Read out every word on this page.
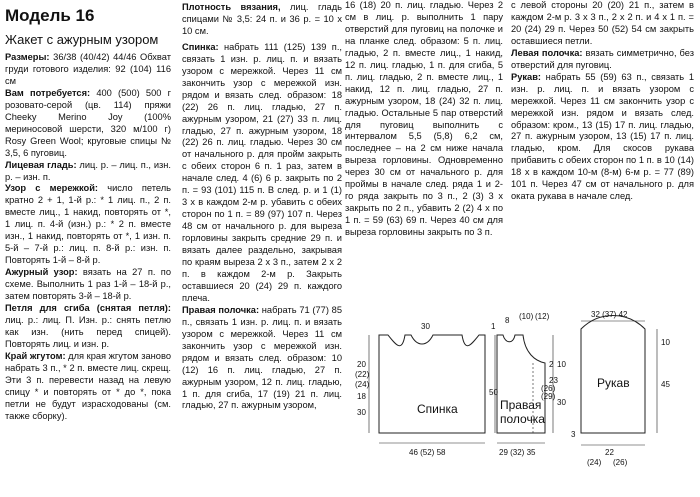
Модель 16

Жакет с ажурным узором

Размеры: 36/38 (40/42) 44/46 Обхват груди готового изделия: 92 (104) 116 см

Вам потребуется: 400 (500) 500 г розовато-серой (цв. 114) пряжи Cheeky Merino Joy (100% мериносовой шерсти, 320 м/100 г) Rosy Green Wool; круговые спицы № 3,5, 6 пуговиц.

Лицевая гладь: лиц. р. – лиц. п., изн. р. – изн. п.

Узор с мережкой: число петель кратно 2 + 1, 1-й р.: * 1 лиц. п., 2 п. вместе лиц., 1 накид, повторять от *, 1 лиц. п. 4-й (изн.) р.: * 2 п. вместе изн., 1 накид, повторять от *, 1 изн. п. 5-й – 7-й р.: лиц. п. 8-й р.: изн. п. Повторять 1-й – 8-й р.

Ажурный узор: вязать на 27 п. по схеме. Выполнить 1 раз 1-й – 18-й р., затем повторять 3-й – 18-й р.

Петля для сгиба (снятая петля): лиц. р.: лиц. П. Изн. р.: снять петлю как изн. (нить перед спицей). Повторять лиц. и изн. р.

Край жгутом: для края жгутом заново набрать 3 п., * 2 п. вместе лиц. скрещ. Эти 3 п. перевести назад на левую спицу * и повторять от * до *, пока петли не будут израсходованы (см. также сборку).

Плотность вязания, лиц. гладь спицами № 3,5: 24 п. и 36 р. = 10 х 10 см.

Спинка: набрать 111 (125) 139 п., связать 1 изн. р. лиц. п. и вязать узором с мережкой. Через 11 см закончить узор с мережкой изн. рядом и вязать след. образом: 18 (22) 26 п. лиц. гладью, 27 п. ажурным узором, 21 (27) 33 п. лиц. гладью, 27 п. ажурным узором, 18 (22) 26 п. лиц. гладью. Через 30 см от начального р. для пройм закрыть с обеих сторон 6 п. 1 раз, затем в начале след. 4 (6) 6 р. закрыть по 2 п. = 93 (101) 115 п. В след. р. и 1 (1) 3 х в каждом 2-м р. убавить с обеих сторон по 1 п. = 89 (97) 107 п. Через 48 см от начального р. для выреза горловины закрыть средние 29 п. и вязать далее раздельно, закрывая по краям выреза 2 х 3 п., затем 2 х 2 п. в каждом 2-м р. Закрыть оставшиеся 20 (24) 29 п. каждого плеча.

Правая полочка: набрать 71 (77) 85 п., связать 1 изн. р. лиц. п. и вязать узором с мережкой. Через 11 см закончить узор с мережкой изн. рядом и вязать след. образом: 10 (12) 16 п. лиц. гладью, 27 п. ажурным узором, 12 п. лиц. гладью, 1 п. для сгиба, 17 (19) 21 п. лиц. гладью, 27 п. ажурным узором,

16 (18) 20 п. лиц. гладью. Через 2 см в лиц. р. выполнить 1 пару отверстий для пуговиц на полочке и на планке след. образом: 5 п. лиц. гладью, 2 п. вместе лиц., 1 накид, 12 п. лиц. гладью, 1 п. для сгиба, 5 п. лиц. гладью, 2 п. вместе лиц., 1 накид, 12 п. лиц. гладью, 27 п. ажурным узором, 18 (24) 32 п. лиц. гладью. Остальные 5 пар отверстий для пуговиц выполнить с интервалом 5,5 (5,8) 6,2 см, последнее – на 2 см ниже начала выреза горловины. Одновременно через 30 см от начального р. для проймы в начале след. ряда 1 и 2-го ряда закрыть по 3 п., 2 (3) 3 х закрыть по 2 п., убавить 2 (2) 4 х по 1 п. = 59 (63) 69 п. Через 40 см для выреза горловины закрыть по 3 п.

с левой стороны 20 (20) 21 п., затем в каждом 2-м р. 3 х 3 п., 2 х 2 п. и 4 х 1 п. = 20 (24) 29 п. Через 50 (52) 54 см закрыть оставшиеся петли.

Левая полочка: вязать симметрично, без отверстий для пуговиц.

Рукав: набрать 55 (59) 63 п., связать 1 изн. р. лиц. п. и вязать узором с мережкой. Через 11 см закончить узор с мережкой изн. рядом и вязать след. образом: кром., 13 (15) 17 п. лиц. гладью, 27 п. ажурным узором, 13 (15) 17 п. лиц. гладью, кром. Для скосов рукава прибавить с обеих сторон по 1 п. в 10 (14) 18 х в каждом 10-м (8-м) 6-м р. = 77 (89) 101 п. Через 47 см от начального р. для оката рукава в начале след.

Спинка
30
20
(22)
(24)
18
30
46 (52) 58
1
50
Правая
полочка
8 (10) (12)
2
23
(26)
(29)
29 (32) 35
10
30
Рукав
32 (37) 42
45
10
3
22
(24) (26)
